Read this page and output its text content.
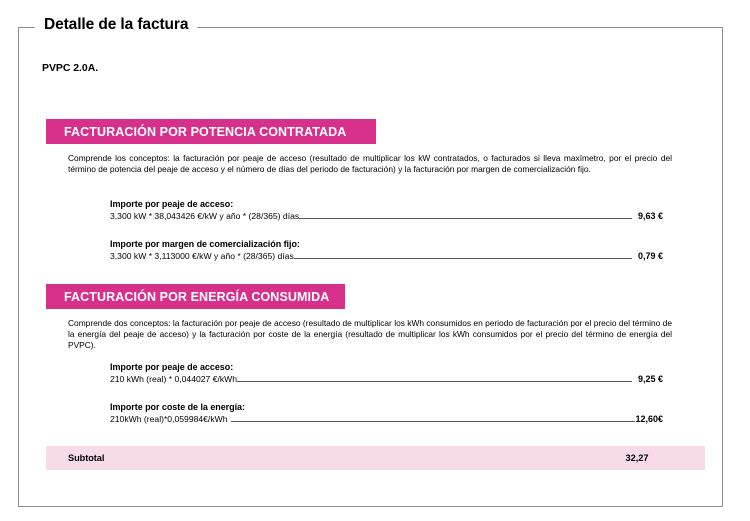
Detalle de la factura
PVPC 2.0A.
FACTURACIÓN POR POTENCIA CONTRATADA
Comprende los conceptos: la facturación por peaje de acceso (resultado de multiplicar los kW contratados, o facturados si lleva maxímetro, por el precio del término de potencia del peaje de acceso y el número de días del periodo de facturación) y la facturación por margen de comercialización fijo.
Importe por peaje de acceso:
3,300 kW * 38,043426 €/kW y año * (28/365) días	9,63 €
Importe por margen de comercialización fijo:
3,300 kW * 3,113000 €/kW y año * (28/365) días	0,79 €
FACTURACIÓN POR ENERGÍA CONSUMIDA
Comprende dos conceptos: la facturación por peaje de acceso (resultado de multiplicar los kWh consumidos en periodo de facturación por el precio del término de la energía del peaje de acceso) y la facturación por coste de la energía (resultado de multiplicar los kWh consumidos por el precio del término de energía del PVPC).
Importe por peaje de acceso:
210 kWh (real) * 0,044027 €/kWh	9,25 €
Importe por coste de la energía:
210kWh (real)*0,059984€/kWh	12,60€
Subtotal	32,27
